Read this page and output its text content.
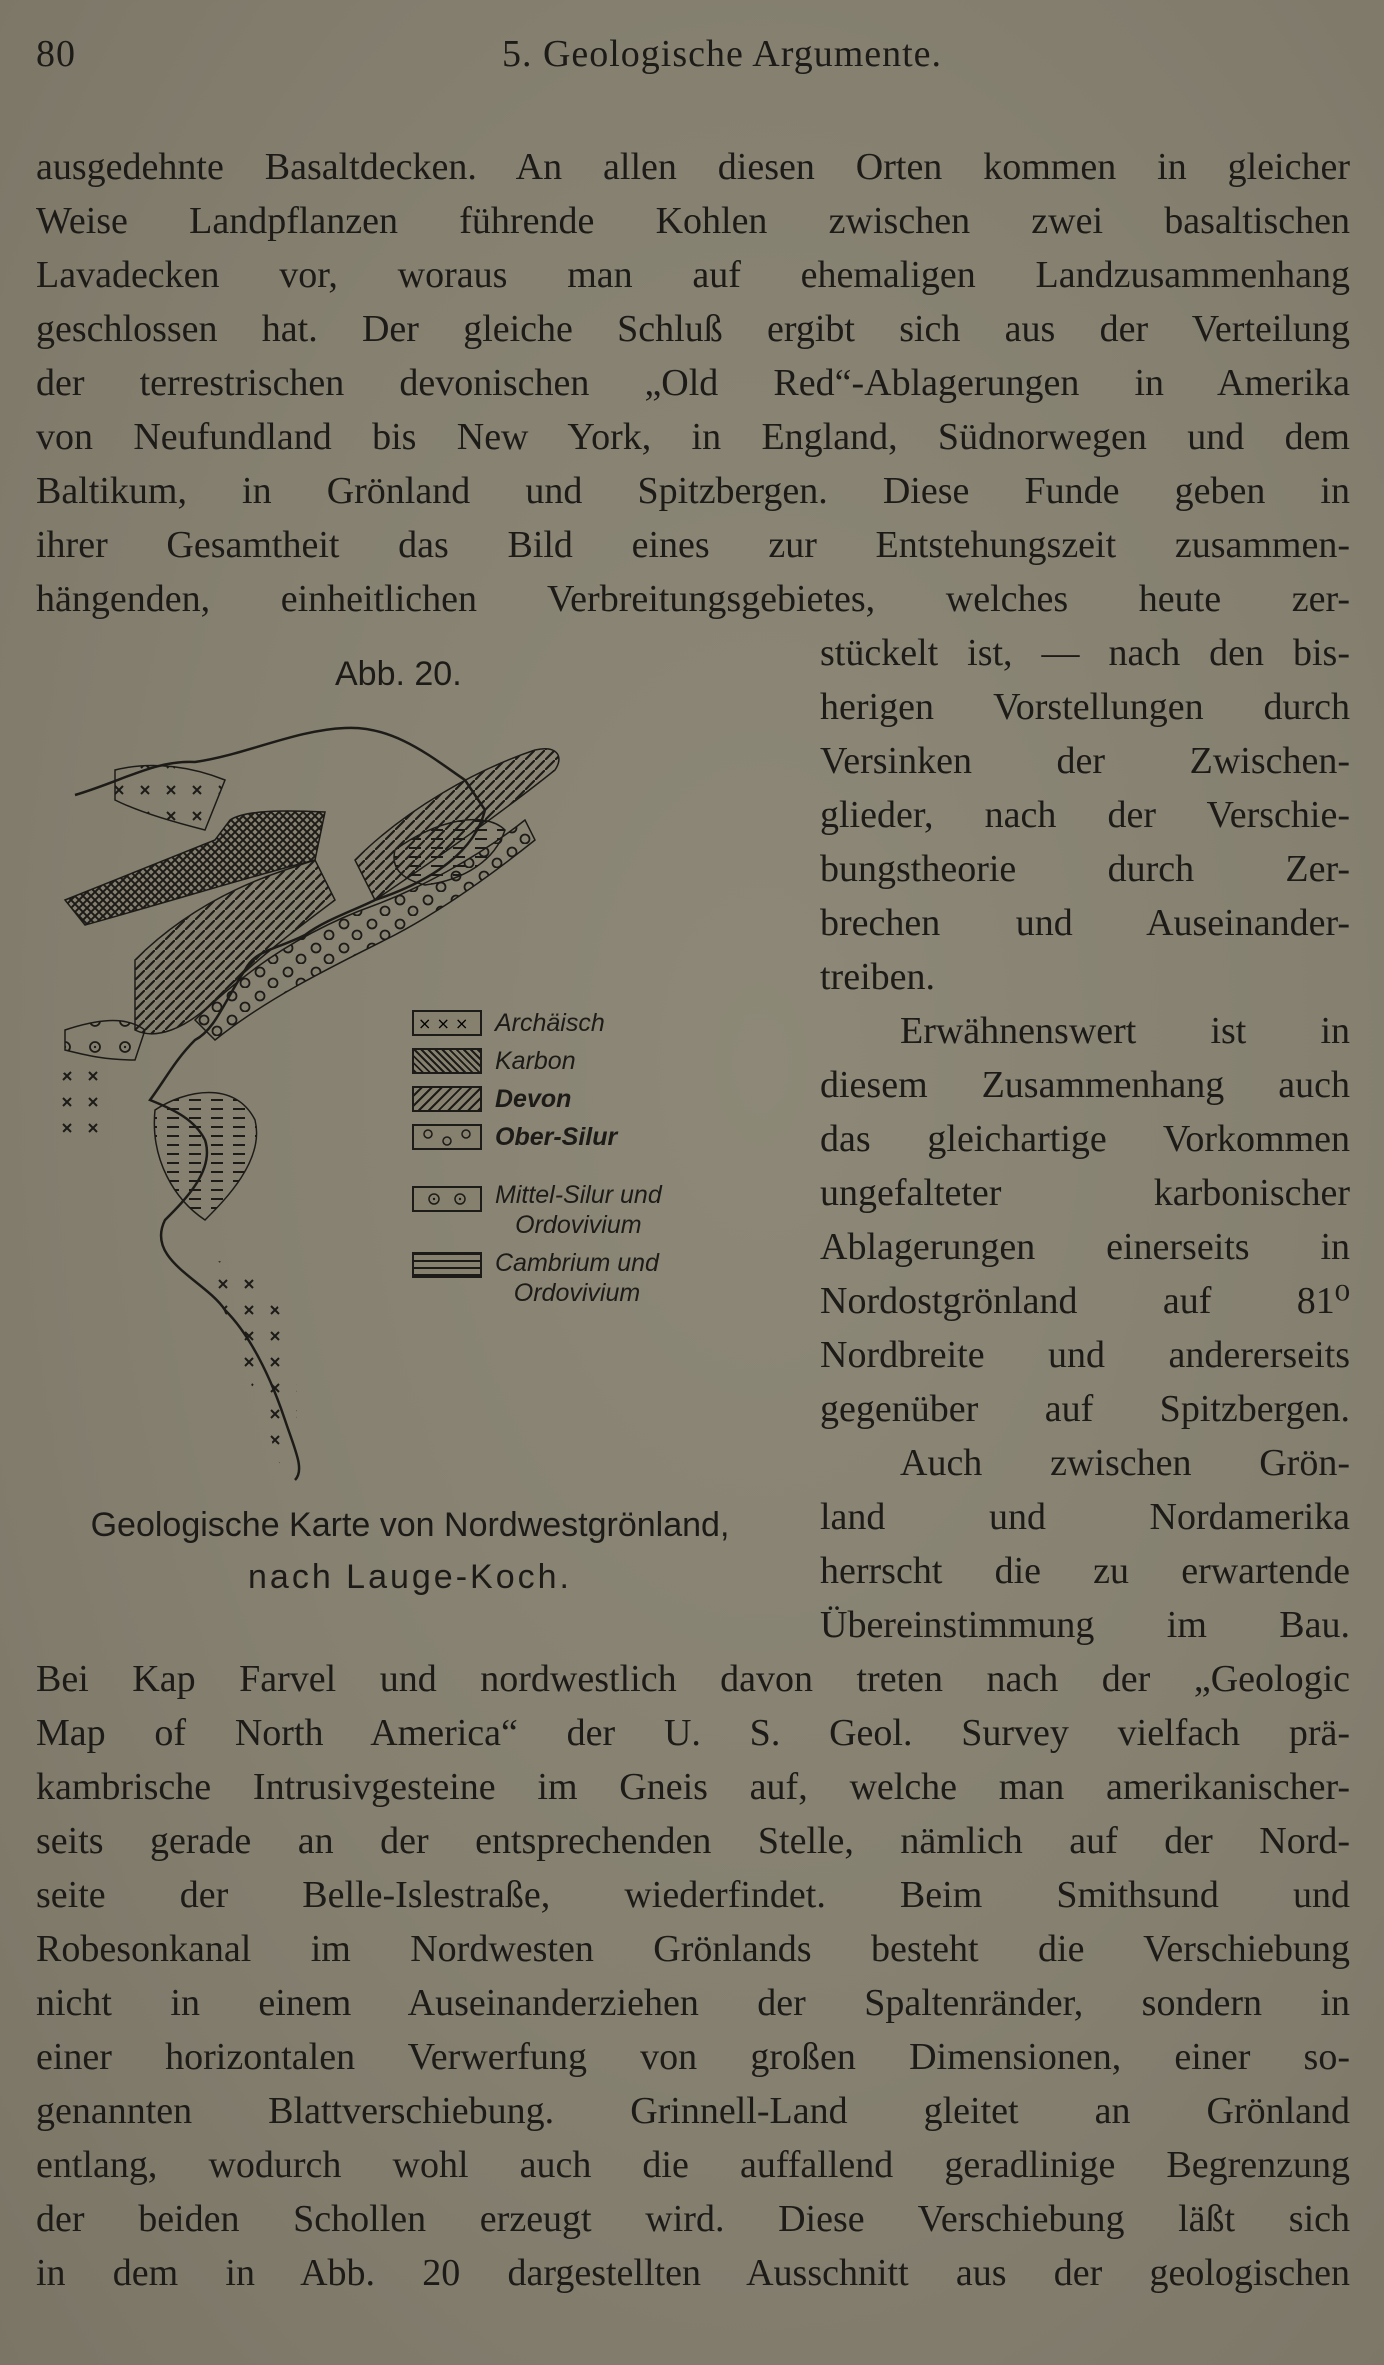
80	5. Geologische Argumente.
ausgedehnte Basaltdecken. An allen diesen Orten kommen in gleicher
Weise Landpflanzen führende Kohlen zwischen zwei basaltischen
Lavadecken vor, woraus man auf ehemaligen Landzusammenhang
geschlossen hat. Der gleiche Schluß ergibt sich aus der Verteilung
der terrestrischen devonischen „Old Red“-Ablagerungen in Amerika
von Neufundland bis New York, in England, Südnorwegen und dem
Baltikum, in Grönland und Spitzbergen. Diese Funde geben in
ihrer Gesamtheit das Bild eines zur Entstehungszeit zusammen-
hängenden, einheitlichen Verbreitungsgebietes, welches heute zer-
stückelt ist, — nach den bis-
herigen Vorstellungen durch
Versinken der Zwischen-
glieder, nach der Verschie-
bungstheorie durch Zer-
brechen und Auseinander-
treiben.
Erwähnenswert ist in
diesem Zusammenhang auch
das gleichartige Vorkommen
ungefalteter karbonischer
Ablagerungen einerseits in
Nordostgrönland auf 81⁰
Nordbreite und andererseits
gegenüber auf Spitzbergen.
Auch zwischen Grön-
land und Nordamerika
herrscht die zu erwartende
Übereinstimmung im Bau.
Bei Kap Farvel und nordwestlich davon treten nach der „Geologic
Map of North America“ der U. S. Geol. Survey vielfach prä-
kambrische Intrusivgesteine im Gneis auf, welche man amerikanischer-
seits gerade an der entsprechenden Stelle, nämlich auf der Nord-
seite der Belle-Islestraße, wiederfindet. Beim Smithsund und
Robesonkanal im Nordwesten Grönlands besteht die Verschiebung
nicht in einem Auseinanderziehen der Spaltenränder, sondern in
einer horizontalen Verwerfung von großen Dimensionen, einer so-
genannten Blattverschiebung. Grinnell-Land gleitet an Grönland
entlang, wodurch wohl auch die auffallend geradlinige Begrenzung
der beiden Schollen erzeugt wird. Diese Verschiebung läßt sich
in dem in Abb. 20 dargestellten Ausschnitt aus der geologischen
Abb. 20.
× × × Archäisch
Karbon
Devon
Ober-Silur
Mittel-Silur und
Ordovivium
Cambrium und
Ordovivium
Geologische Karte von Nordwestgrönland,
nach Lauge-Koch.
